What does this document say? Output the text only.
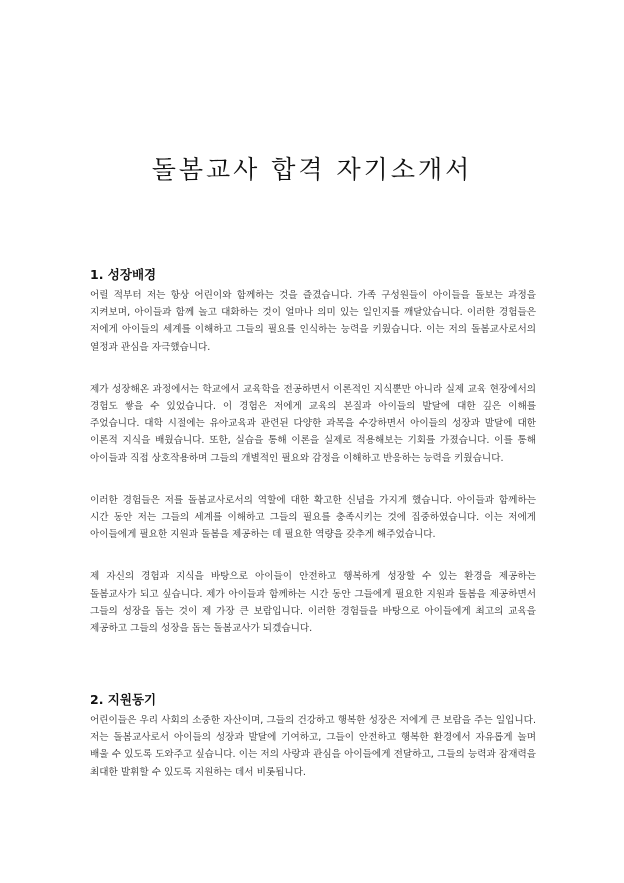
돌봄교사 합격 자기소개서
1. 성장배경

어릴 적부터 저는 항상 어린이와 함께하는 것을 즐겼습니다. 가족 구성원들이 아이들을 돌보는 과정을 지켜보며, 아이들과 함께 놀고 대화하는 것이 얼마나 의미 있는 일인지를 깨달았습니다. 이러한 경험들은 저에게 아이들의 세계를 이해하고 그들의 필요를 인식하는 능력을 키웠습니다. 이는 저의 돌봄교사로서의 열정과 관심을 자극했습니다.

제가 성장해온 과정에서는 학교에서 교육학을 전공하면서 이론적인 지식뿐만 아니라 실제 교육 현장에서의 경험도 쌓을 수 있었습니다. 이 경험은 저에게 교육의 본질과 아이들의 발달에 대한 깊은 이해를 주었습니다. 대학 시절에는 유아교육과 관련된 다양한 과목을 수강하면서 아이들의 성장과 발달에 대한 이론적 지식을 배웠습니다. 또한, 실습을 통해 이론을 실제로 적용해보는 기회를 가졌습니다. 이를 통해 아이들과 직접 상호작용하며 그들의 개별적인 필요와 감정을 이해하고 반응하는 능력을 키웠습니다.

이러한 경험들은 저를 돌봄교사로서의 역할에 대한 확고한 신념을 가지게 했습니다. 아이들과 함께하는 시간 동안 저는 그들의 세계를 이해하고 그들의 필요를 충족시키는 것에 집중하였습니다. 이는 저에게 아이들에게 필요한 지원과 돌봄을 제공하는 데 필요한 역량을 갖추게 해주었습니다.

제 자신의 경험과 지식을 바탕으로 아이들이 안전하고 행복하게 성장할 수 있는 환경을 제공하는 돌봄교사가 되고 싶습니다. 제가 아이들과 함께하는 시간 동안 그들에게 필요한 지원과 돌봄을 제공하면서 그들의 성장을 돕는 것이 제 가장 큰 보람입니다. 이러한 경험들을 바탕으로 아이들에게 최고의 교육을 제공하고 그들의 성장을 돕는 돌봄교사가 되겠습니다.

2. 지원동기

어린이들은 우리 사회의 소중한 자산이며, 그들의 건강하고 행복한 성장은 저에게 큰 보람을 주는 일입니다. 저는 돌봄교사로서 아이들의 성장과 발달에 기여하고, 그들이 안전하고 행복한 환경에서 자유롭게 놀며 배울 수 있도록 도와주고 싶습니다. 이는 저의 사랑과 관심을 아이들에게 전달하고, 그들의 능력과 잠재력을 최대한 발휘할 수 있도록 지원하는 데서 비롯됩니다.
